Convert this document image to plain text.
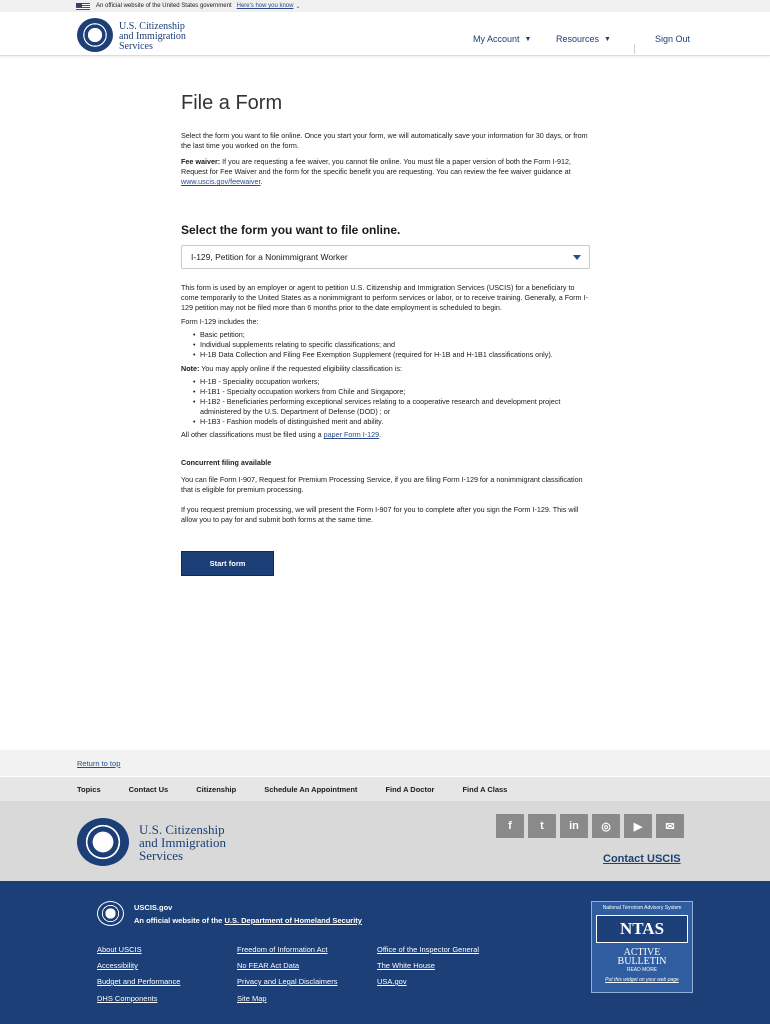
An official website of the United States government Here's how you know ⌄
U.S. Citizenship
and Immigration
Services
My Account ▼	Resources ▼	Sign Out
File a Form

Select the form you want to file online. Once you start your form, we will automatically save your information for 30 days, or from the last time you worked on the form.

Fee waiver: If you are requesting a fee waiver, you cannot file online. You must file a paper version of both the Form I-912, Request for Fee Waiver and the form for the specific benefit you are requesting. You can review the fee waiver guidance at www.uscis.gov/feewaiver.

Select the form you want to file online.
I-129, Petition for a Nonimmigrant Worker

This form is used by an employer or agent to petition U.S. Citizenship and Immigration Services (USCIS) for a beneficiary to come temporarily to the United States as a nonimmigrant to perform services or labor, or to receive training. Generally, a Form I-129 petition may not be filed more than 6 months prior to the date employment is scheduled to begin.

Form I-129 includes the:

• Basic petition;
• Individual supplements relating to specific classifications; and
• H-1B Data Collection and Filing Fee Exemption Supplement (required for H-1B and H-1B1 classifications only).

Note: You may apply online if the requested eligibility classification is:

• H-1B - Speciality occupation workers;
• H-1B1 - Specialty occupation workers from Chile and Singapore;
• H-1B2 - Beneficiaries performing exceptional services relating to a cooperative research and development project administered by the U.S. Department of Defense (DOD) ; or
• H-1B3 - Fashion models of distinguished merit and ability.

All other classifications must be filed using a paper Form I-129.

Concurrent filing available

You can file Form I-907, Request for Premium Processing Service, if you are filing Form I-129 for a nonimmigrant classification that is eligible for premium processing.

If you request premium processing, we will present the Form I-907 for you to complete after you sign the Form I-129. This will allow you to pay for and submit both forms at the same time.

Start form
Return to top
Topics	Contact Us	Citizenship	Schedule An Appointment	Find A Doctor	Find A Class
U.S. Citizenship
and Immigration
Services
f	t	in	◎	▶	✉
Contact USCIS
USCIS.gov
An official website of the U.S. Department of Homeland Security
About USCIS
Accessibility
Budget and Performance
DHS Components
Freedom of Information Act
No FEAR Act Data
Privacy and Legal Disclaimers
Site Map
Office of the Inspector General
The White House
USA.gov
National Terrorism Advisory System
NTAS
ACTIVE
BULLETIN
READ MORE
Put this widget on your web page
